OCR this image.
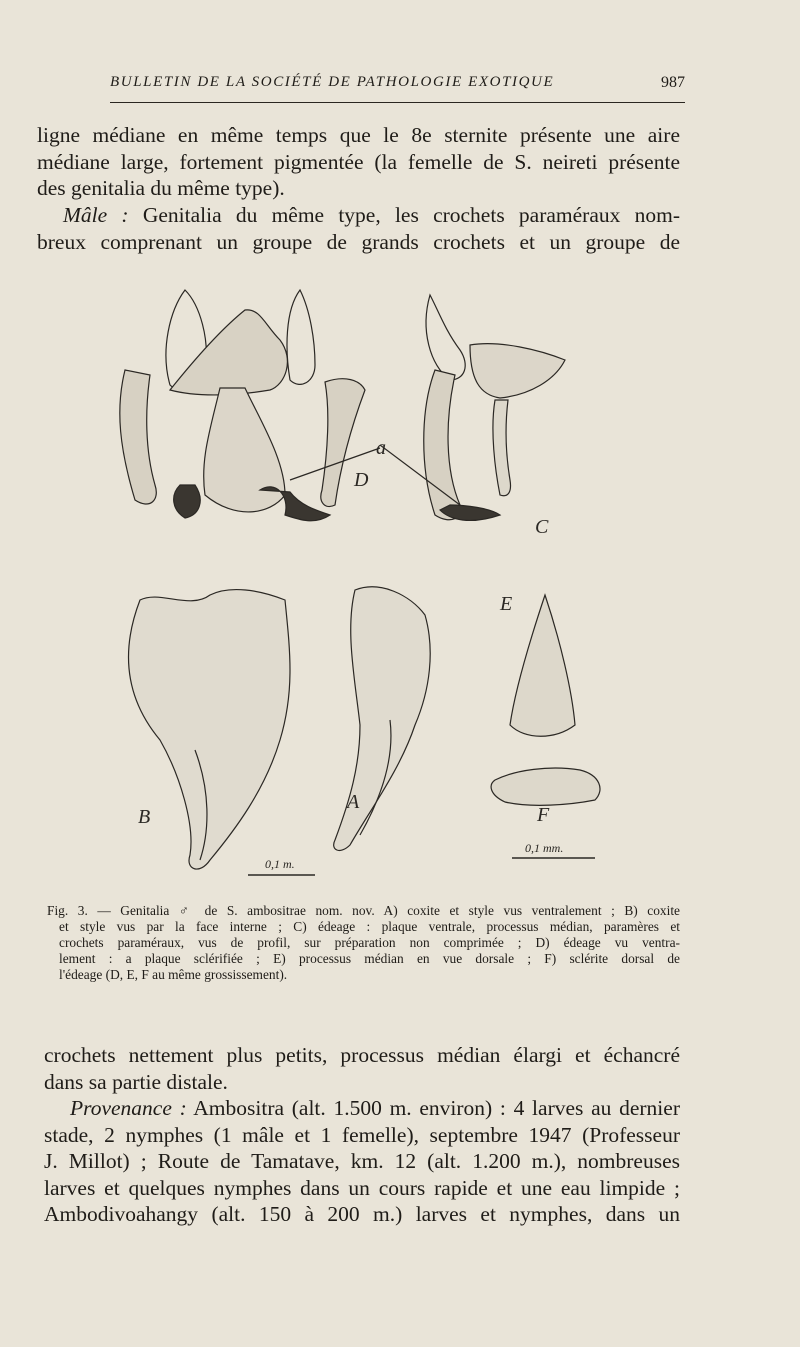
BULLETIN DE LA SOCIÉTÉ DE PATHOLOGIE EXOTIQUE	987
ligne médiane en même temps que le 8e sternite présente une aire
médiane large, fortement pigmentée (la femelle de S. neireti présente
des genitalia du même type).
Mâle : Genitalia du même type, les crochets paraméraux nom-
breux comprenant un groupe de grands crochets et un groupe de
a
D
C
E
B
A
F
0,1 m.
0,1 mm.
Fig. 3. — Genitalia ♂ de S. ambositrae nom. nov. A) coxite et style vus ventralement ; B) coxite
et style vus par la face interne ; C) édeage : plaque ventrale, processus médian, paramères et
crochets paraméraux, vus de profil, sur préparation non comprimée ; D) édeage vu ventra-
lement : a plaque sclérifiée ; E) processus médian en vue dorsale ; F) sclérite dorsal de
l'édeage (D, E, F au même grossissement).
crochets nettement plus petits, processus médian élargi et échancré
dans sa partie distale.
Provenance : Ambositra (alt. 1.500 m. environ) : 4 larves au dernier
stade, 2 nymphes (1 mâle et 1 femelle), septembre 1947 (Professeur
J. Millot) ; Route de Tamatave, km. 12 (alt. 1.200 m.), nombreuses
larves et quelques nymphes dans un cours rapide et une eau limpide ;
Ambodivoahangy (alt. 150 à 200 m.) larves et nymphes, dans un
